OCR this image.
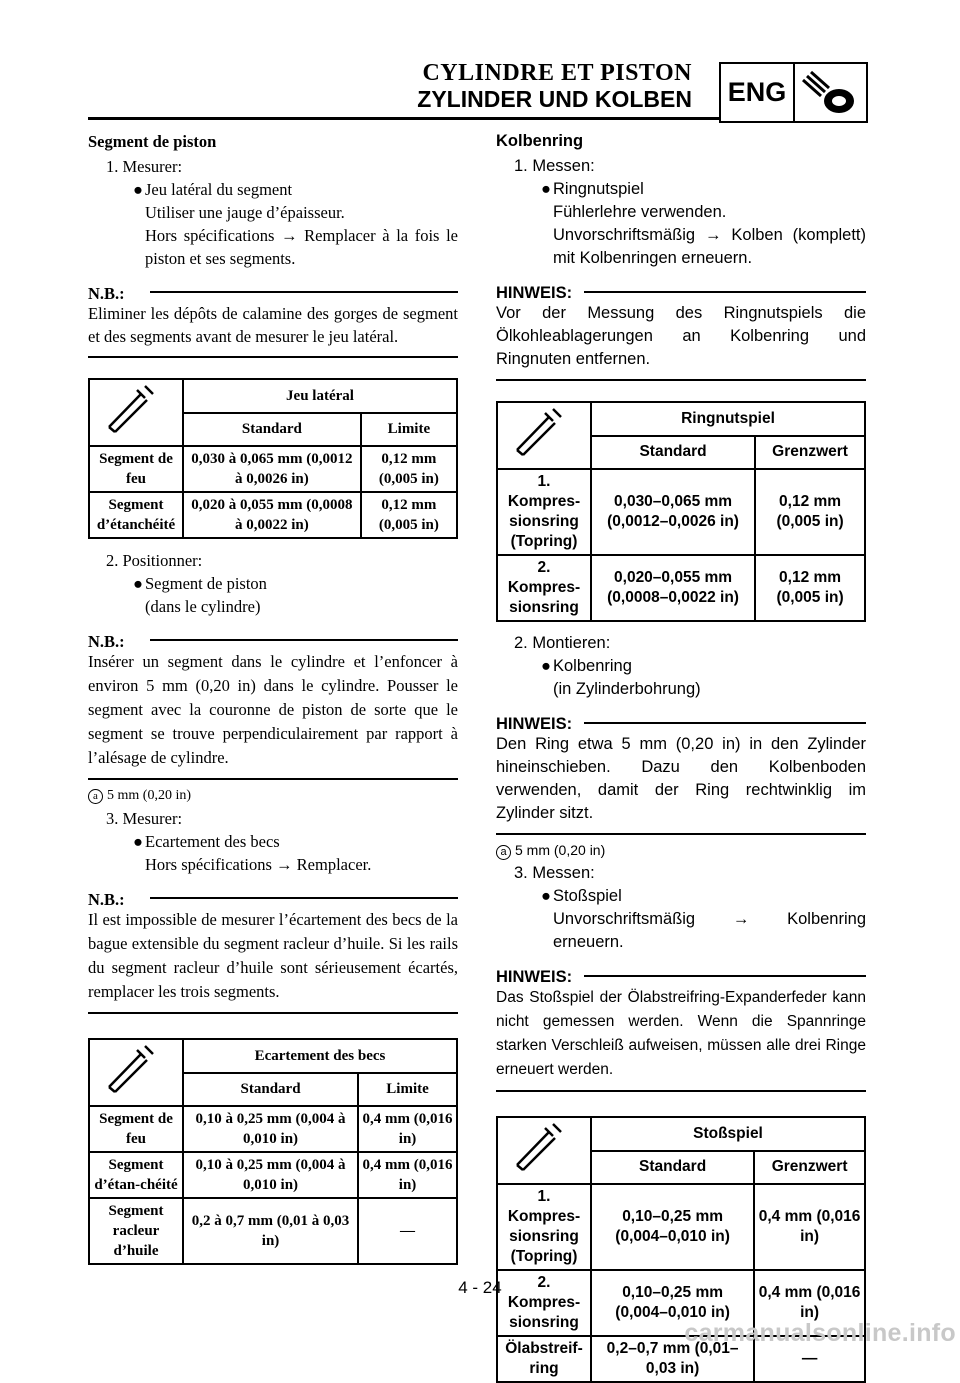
CYLINDRE ET PISTON
ZYLINDER UND KOLBEN ENG
Segment de piston
1. Mesurer:
● Jeu latéral du segment
Utiliser une jauge d’épaisseur.
Hors spécifications → Remplacer à la fois le piston et ses segments.
N.B.:
Eliminer les dépôts de calamine des gorges de segment et des segments avant de mesurer le jeu latéral.
	Jeu latéral	
	Standard	Limite
Segment de feu	0,030 à 0,065 mm (0,0012 à 0,0026 in)	0,12 mm (0,005 in)
Segment d’étanchéité	0,020 à 0,055 mm (0,0008 à 0,0022 in)	0,12 mm (0,005 in)
2. Positionner:
● Segment de piston
(dans le cylindre)
N.B.:
Insérer un segment dans le cylindre et l’enfoncer à environ 5 mm (0,20 in) dans le cylindre. Pousser le segment avec la couronne de piston de sorte que le segment se trouve perpendiculairement par rapport à l’alésage de cylindre.
a 5 mm (0,20 in)
3. Mesurer:
● Ecartement des becs
Hors spécifications → Remplacer.
N.B.:
Il est impossible de mesurer l’écartement des becs de la bague extensible du segment racleur d’huile. Si les rails du segment racleur d’huile sont sérieusement écartés, remplacer les trois segments.
	Ecartement des becs	
	Standard	Limite
Segment de feu	0,10 à 0,25 mm (0,004 à 0,010 in)	0,4 mm (0,016 in)
Segment d’étan-chéité	0,10 à 0,25 mm (0,004 à 0,010 in)	0,4 mm (0,016 in)
Segment racleur d’huile	0,2 à 0,7 mm (0,01 à 0,03 in)	—
Kolbenring
1. Messen:
● Ringnutspiel
Fühlerlehre verwenden.
Unvorschriftsmäßig → Kolben (komplett) mit Kolbenringen erneuern.
HINWEIS:
Vor der Messung des Ringnutspiels die Ölkohleablagerungen an Kolbenring und Ringnuten entfernen.
	Ringnutspiel	
	Standard	Grenzwert
1. Kompres-sionsring (Topring)	0,030–0,065 mm (0,0012–0,0026 in)	0,12 mm (0,005 in)
2. Kompres-sionsring	0,020–0,055 mm (0,0008–0,0022 in)	0,12 mm (0,005 in)
2. Montieren:
● Kolbenring
(in Zylinderbohrung)
HINWEIS:
Den Ring etwa 5 mm (0,20 in) in den Zylinder hineinschieben. Dazu den Kolbenboden verwenden, damit der Ring rechtwinklig im Zylinder sitzt.
a 5 mm (0,20 in)
3. Messen:
● Stoßspiel
Unvorschriftsmäßig → Kolbenring erneuern.
HINWEIS:
Das Stoßspiel der Ölabstreifring-Expanderfeder kann nicht gemessen werden. Wenn die Spannringe starken Verschleiß aufweisen, müssen alle drei Ringe erneuert werden.
	Stoßspiel	
	Standard	Grenzwert
1. Kompres-sionsring (Topring)	0,10–0,25 mm (0,004–0,010 in)	0,4 mm (0,016 in)
2. Kompres-sionsring	0,10–0,25 mm (0,004–0,010 in)	0,4 mm (0,016 in)
Ölabstreif-ring	0,2–0,7 mm (0,01–0,03 in)	—
4 - 24
carmanualsonline.info
